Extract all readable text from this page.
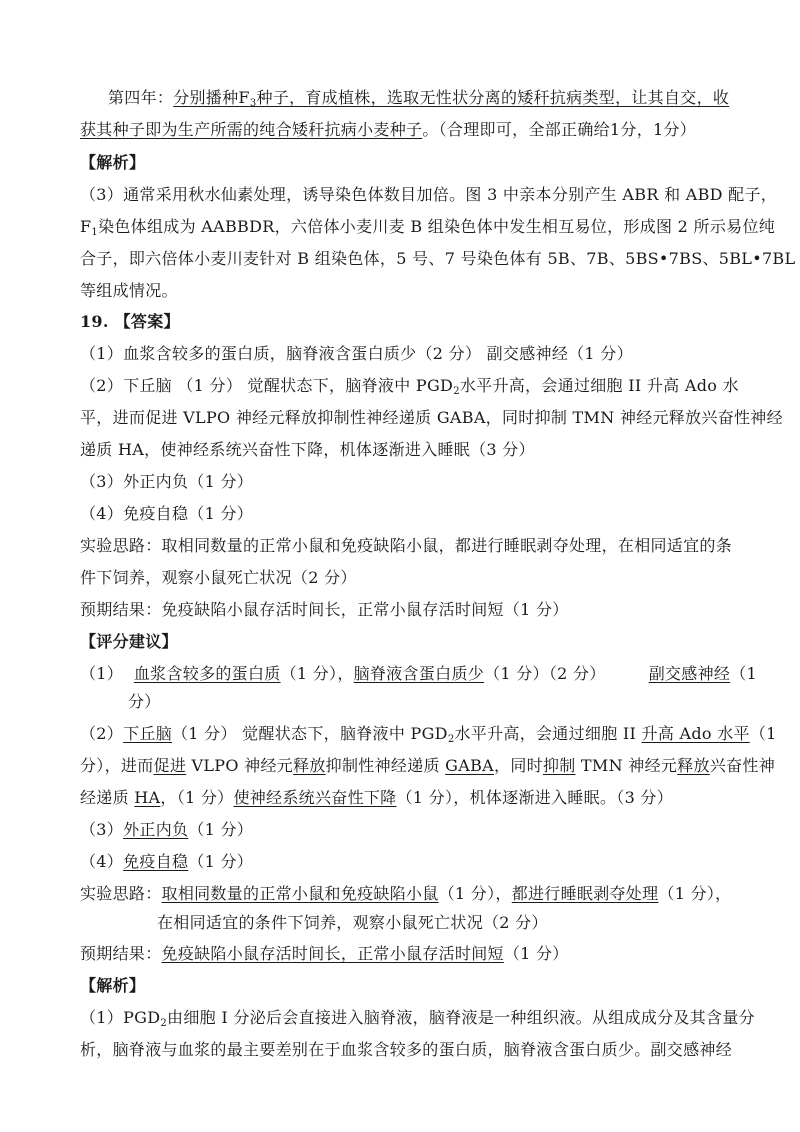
第四年：分别播种$F_3$种子，育成植株，选取无性状分离的矮秆抗病类型，让其自交，收
获其种子即为生产所需的纯合矮秆抗病小麦种子。（合理即可，全部正确给1分，1分）
【解析】
（3）通常采用秋水仙素处理，诱导染色体数目加倍。图 3 中亲本分别产生 ABR 和 ABD 配子，
$F_1$染色体组成为 AABBDR，六倍体小麦川麦 B 组染色体中发生相互易位，形成图 2 所示易位纯
合子，即六倍体小麦川麦针对 B 组染色体，5 号、7 号染色体有 5B、7B、5BS•7BS、5BL•7BL
等组成情况。
19. 【答案】
（1）血浆含较多的蛋白质，脑脊液含蛋白质少（2 分） 副交感神经（1 分）
（2）下丘脑 （1 分） 觉醒状态下，脑脊液中 $PGD_2$水平升高，会通过细胞 II 升高 Ado 水
平，进而促进 VLPO 神经元释放抑制性神经递质 GABA，同时抑制 TMN 神经元释放兴奋性神经
递质 HA，使神经系统兴奋性下降，机体逐渐进入睡眠（3 分）
（3）外正内负（1 分）
（4）免疫自稳（1 分）
实验思路：取相同数量的正常小鼠和免疫缺陷小鼠，都进行睡眠剥夺处理，在相同适宜的条
件下饲养，观察小鼠死亡状况（2 分）
预期结果：免疫缺陷小鼠存活时间长，正常小鼠存活时间短（1 分）
【评分建议】
（1） 血浆含较多的蛋白质（1 分），脑脊液含蛋白质少（1 分）（2 分）	副交感神经（1
分）
（2）下丘脑（1 分） 觉醒状态下，脑脊液中 $PGD_2$水平升高，会通过细胞 II 升高 Ado 水平（1
分），进而促进 VLPO 神经元释放抑制性神经递质 GABA，同时抑制 TMN 神经元释放兴奋性神
经递质 HA，（1 分）使神经系统兴奋性下降（1 分），机体逐渐进入睡眠。（3 分）
（3）外正内负（1 分）
（4）免疫自稳（1 分）
实验思路：取相同数量的正常小鼠和免疫缺陷小鼠（1 分），都进行睡眠剥夺处理（1 分），
在相同适宜的条件下饲养，观察小鼠死亡状况（2 分）
预期结果：免疫缺陷小鼠存活时间长，正常小鼠存活时间短（1 分）
【解析】
$(1)PGD_2$由细胞 I 分泌后会直接进入脑脊液，脑脊液是一种组织液。从组成成分及其含量分
析，脑脊液与血浆的最主要差别在于血浆含较多的蛋白质，脑脊液含蛋白质少。副交感神经
